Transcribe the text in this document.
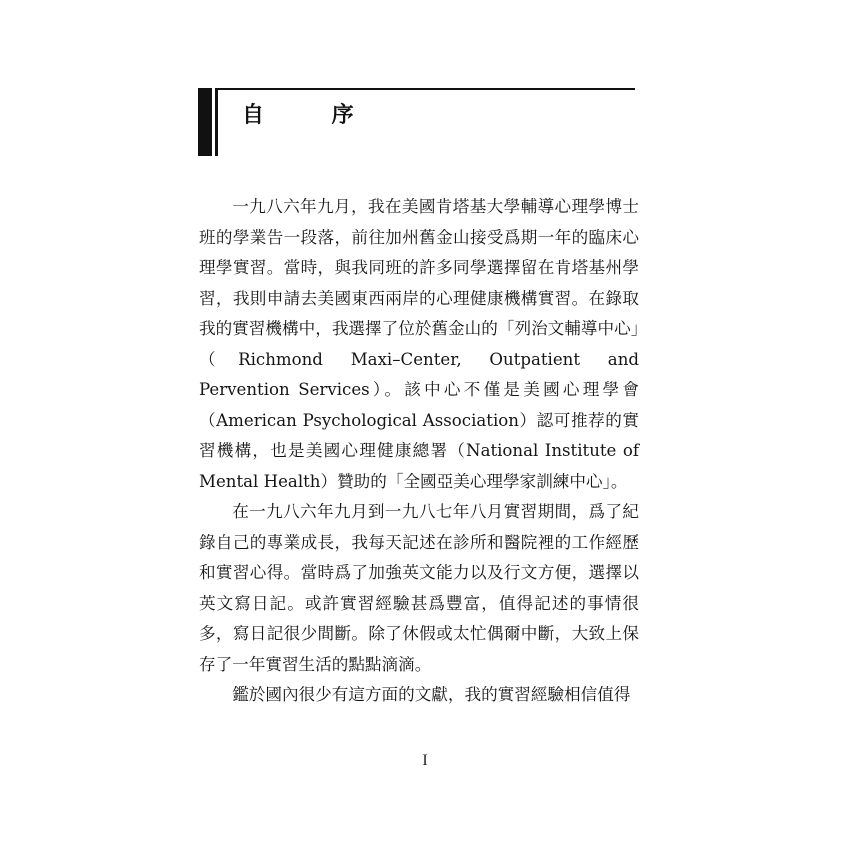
自 序

一九八六年九月，我在美國肯塔基大學輔導心理學博士班的學業告一段落，前往加州舊金山接受爲期一年的臨床心理學實習。當時，與我同班的許多同學選擇留在肯塔基州學習，我則申請去美國東西兩岸的心理健康機構實習。在錄取我的實習機構中，我選擇了位於舊金山的「列治文輔導中心」（Richmond Maxi–Center, Outpatient and Pervention Services）。該中心不僅是美國心理學會（American Psychological Association）認可推荐的實習機構，也是美國心理健康總署（National Institute of Mental Health）贊助的「全國亞美心理學家訓練中心」。

在一九八六年九月到一九八七年八月實習期間，爲了紀錄自己的專業成長，我每天記述在診所和醫院裡的工作經歷和實習心得。當時爲了加強英文能力以及行文方便，選擇以英文寫日記。或許實習經驗甚爲豐富，值得記述的事情很多，寫日記很少間斷。除了休假或太忙偶爾中斷，大致上保存了一年實習生活的點點滴滴。

鑑於國內很少有這方面的文獻，我的實習經驗相信值得

I
